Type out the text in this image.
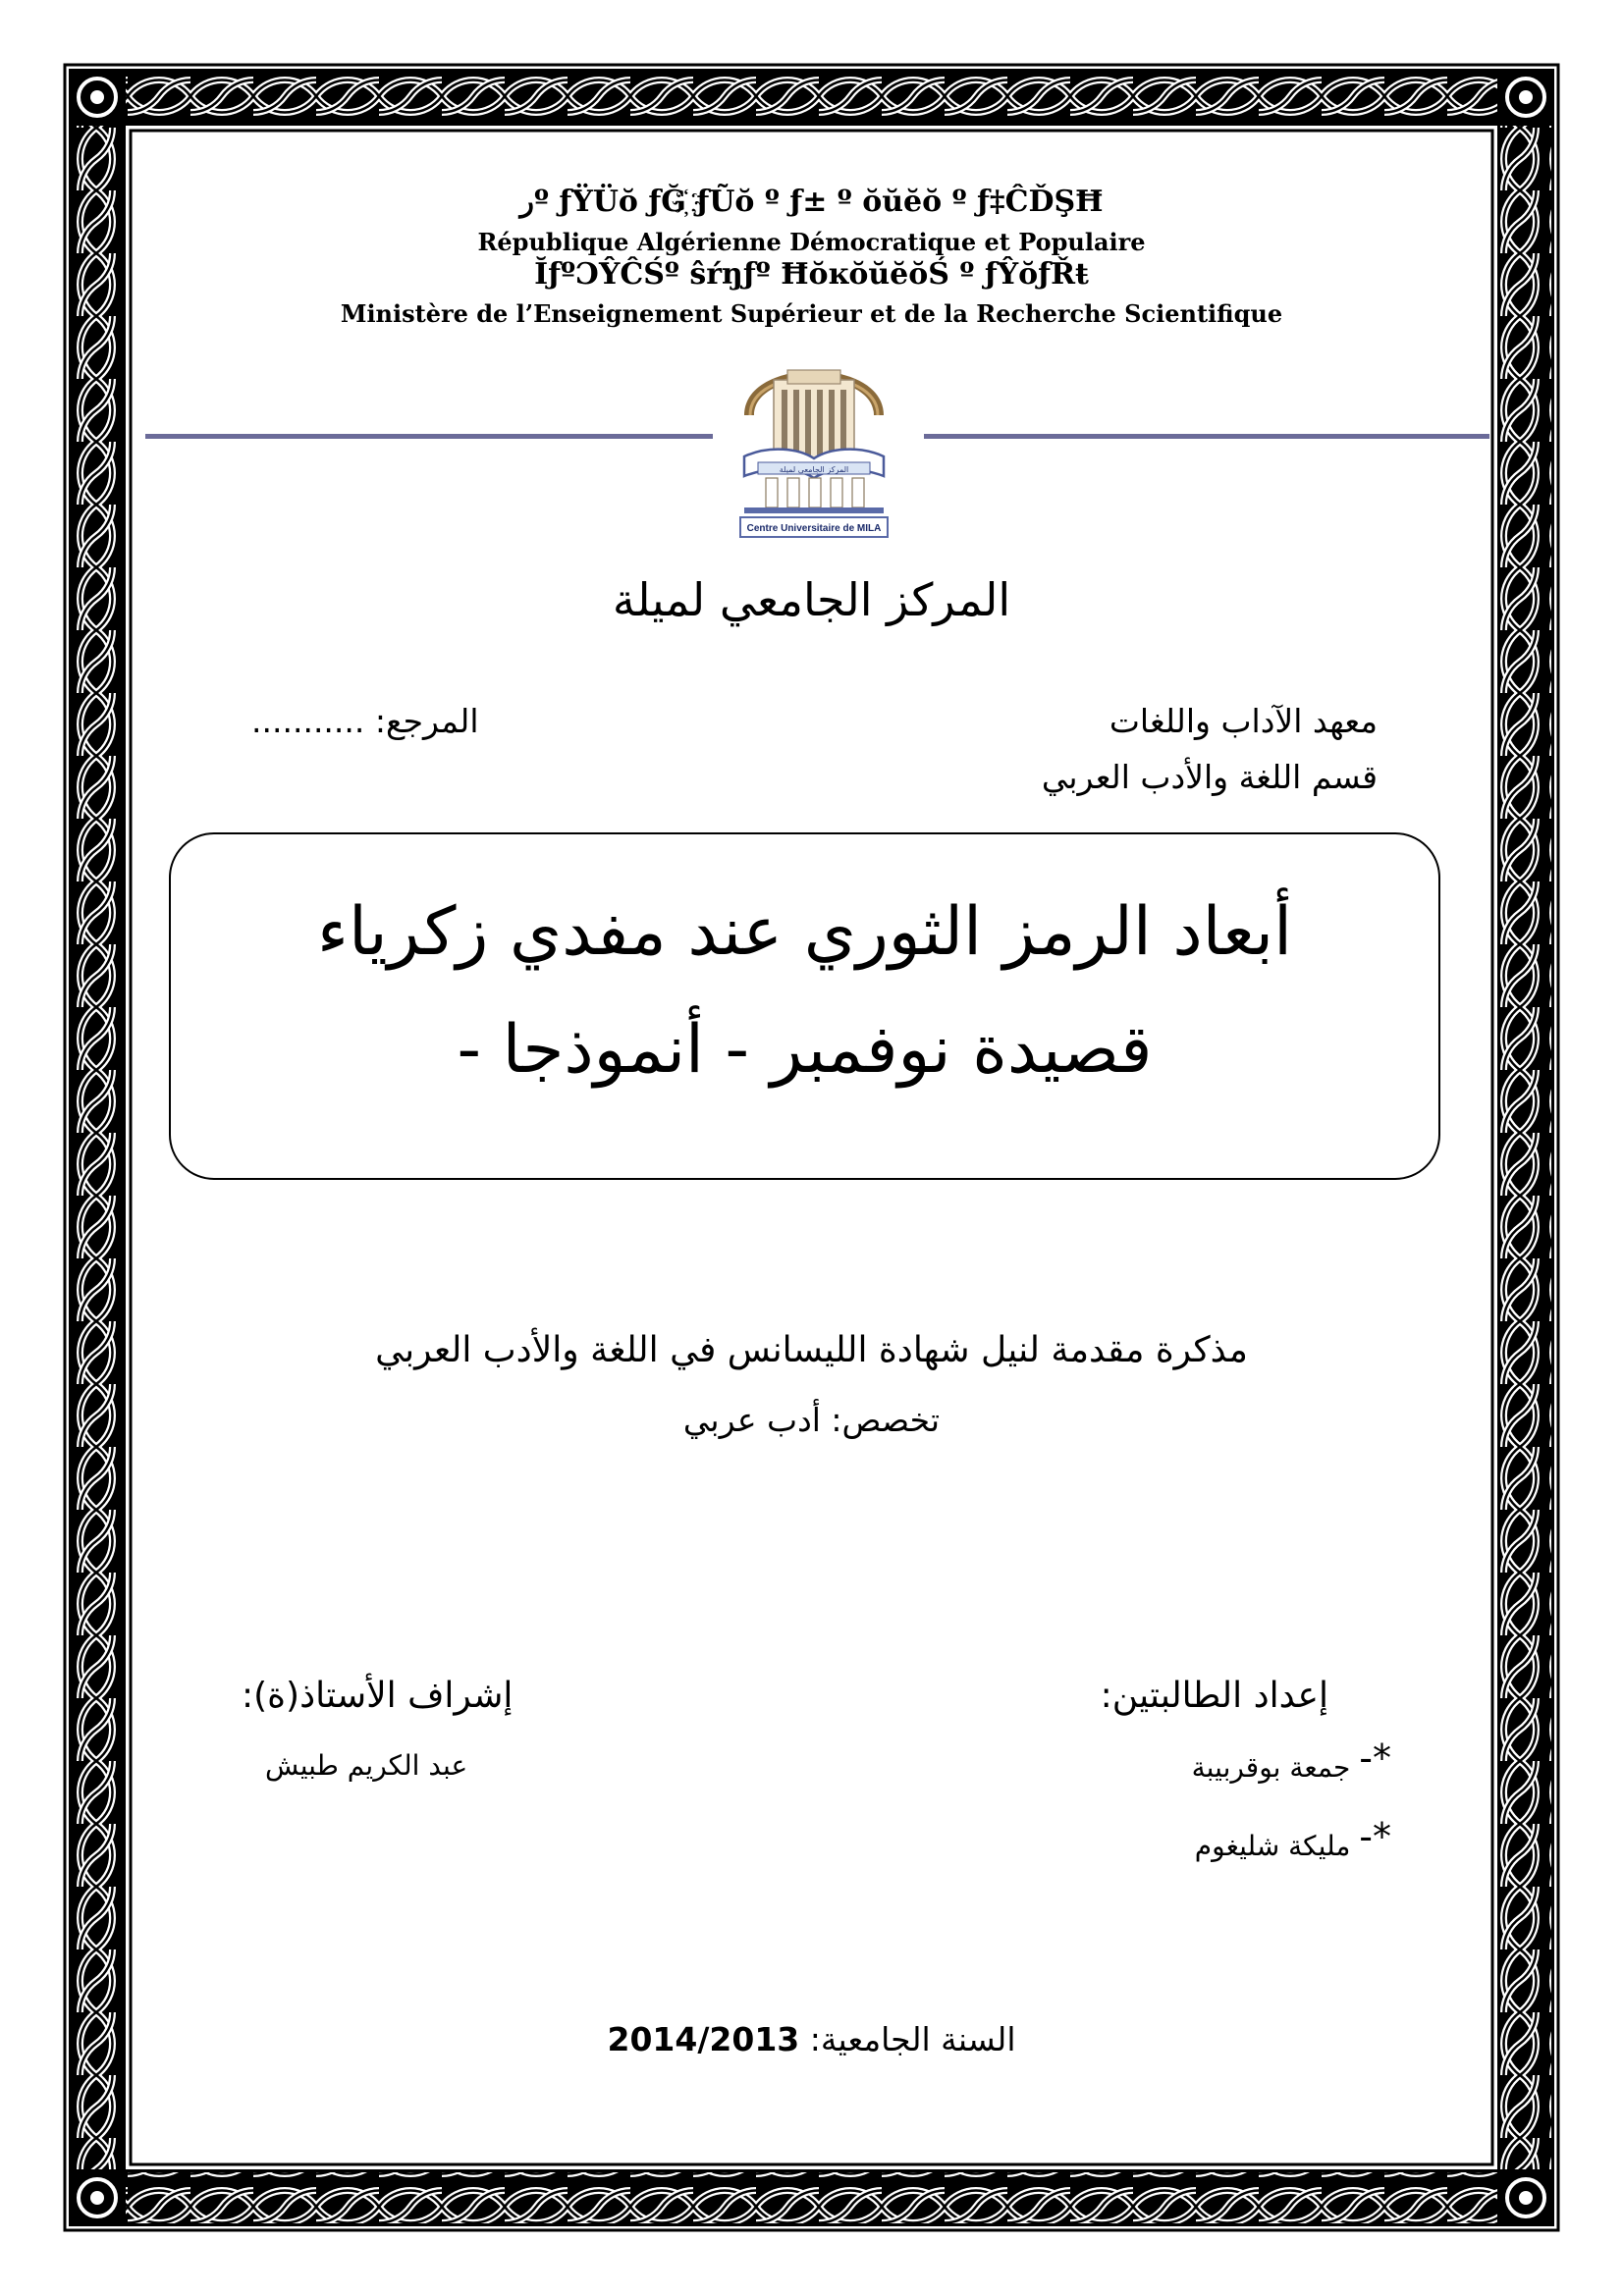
ﺭº ƒŸÜŏ ƒĞ҉ ƒŨŏ º ƒ± º ŏŭĕŏ º ƒ‡ĈĎŞĦ
République Algérienne Démocratique et Populaire
ĬƒºƆŶĈŚº ŝŕŋƒº ĦŏĸŏŭĕŏŚ º ƒŶŏƒŘŧ
Ministère de l’Enseignement Supérieur et de la Recherche Scientifique
المركز الجامعي لميلة
Centre Universitaire de MILA
المركز الجامعي لميلة
معهد الآداب واللغات
قسم اللغة والأدب العربي
المرجع: ...........
أبعاد الرمز الثوري عند مفدي زكرياء
قصيدة نوفمبر - أنموذجا -
مذكرة مقدمة لنيل شهادة الليسانس في اللغة والأدب العربي
تخصص: أدب عربي
إعداد الطالبتين:
*- جمعة بوقربيبة
*- مليكة شليغوم
إشراف الأستاذ(ة):
عبد الكريم طبيش
السنة الجامعية: 2014/2013
